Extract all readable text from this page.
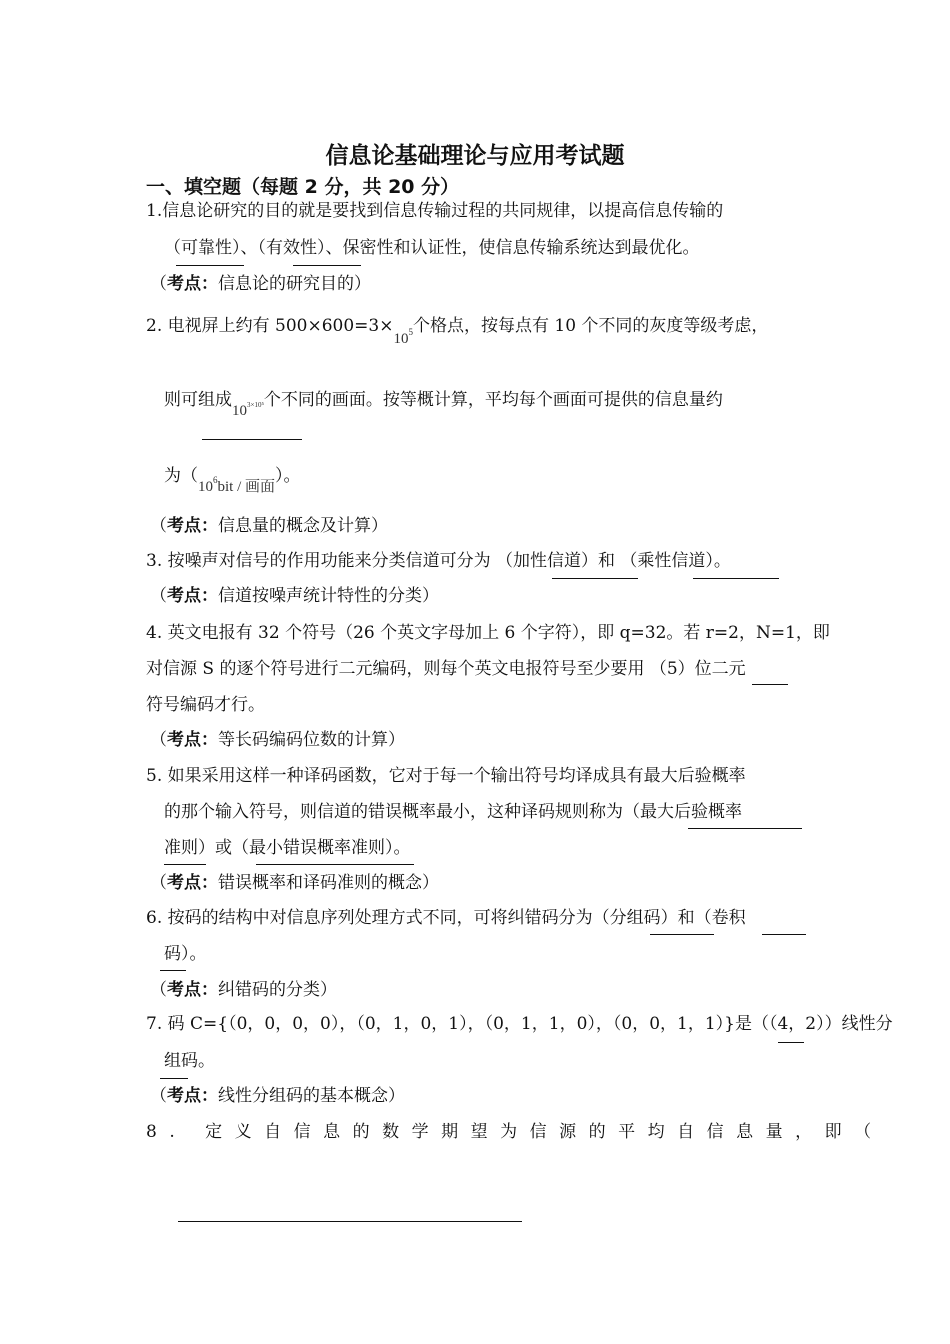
信息论基础理论与应用考试题
一、填空题（每题 2 分，共 20 分）
1.信息论研究的目的就是要找到信息传输过程的共同规律，以提高信息传输的
（可靠性）、（有效性）、保密性和认证性，使信息传输系统达到最优化。
（考点：信息论的研究目的）
2. 电视屏上约有 $500\times 600=3\times 10^5$个格点，按每点有 10 个不同的灰度等级考虑，
则可组成$10^{3\times 10^5}$个不同的画面。按等概计算，平均每个画面可提供的信息量约
为（$10^6bit$ / 画面）。
（考点：信息量的概念及计算）
3. 按噪声对信号的作用功能来分类信道可分为 （加性信道）和 （乘性信道）。
（考点：信道按噪声统计特性的分类）
4. 英文电报有 32 个符号（26 个英文字母加上 6 个字符），即 q=32。若 r=2，N=1，即
对信源 S 的逐个符号进行二元编码，则每个英文电报符号至少要用 （5）位二元
符号编码才行。
（考点：等长码编码位数的计算）
5. 如果采用这样一种译码函数，它对于每一个输出符号均译成具有最大后验概率
的那个输入符号，则信道的错误概率最小，这种译码规则称为（最大后验概率
准则）或（最小错误概率准则）。
（考点：错误概率和译码准则的概念）
6. 按码的结构中对信息序列处理方式不同，可将纠错码分为（分组码）和（卷积
码）。
（考点：纠错码的分类）
7. 码 C={（0，0，0，0），（0，1，0，1），（0，1，1，0），（0，0，1，1）}是（（4，2））线性分
组码。
（考点：线性分组码的基本概念）
8. 定义自信息的数学期望为信源的平均自信息量，即（
